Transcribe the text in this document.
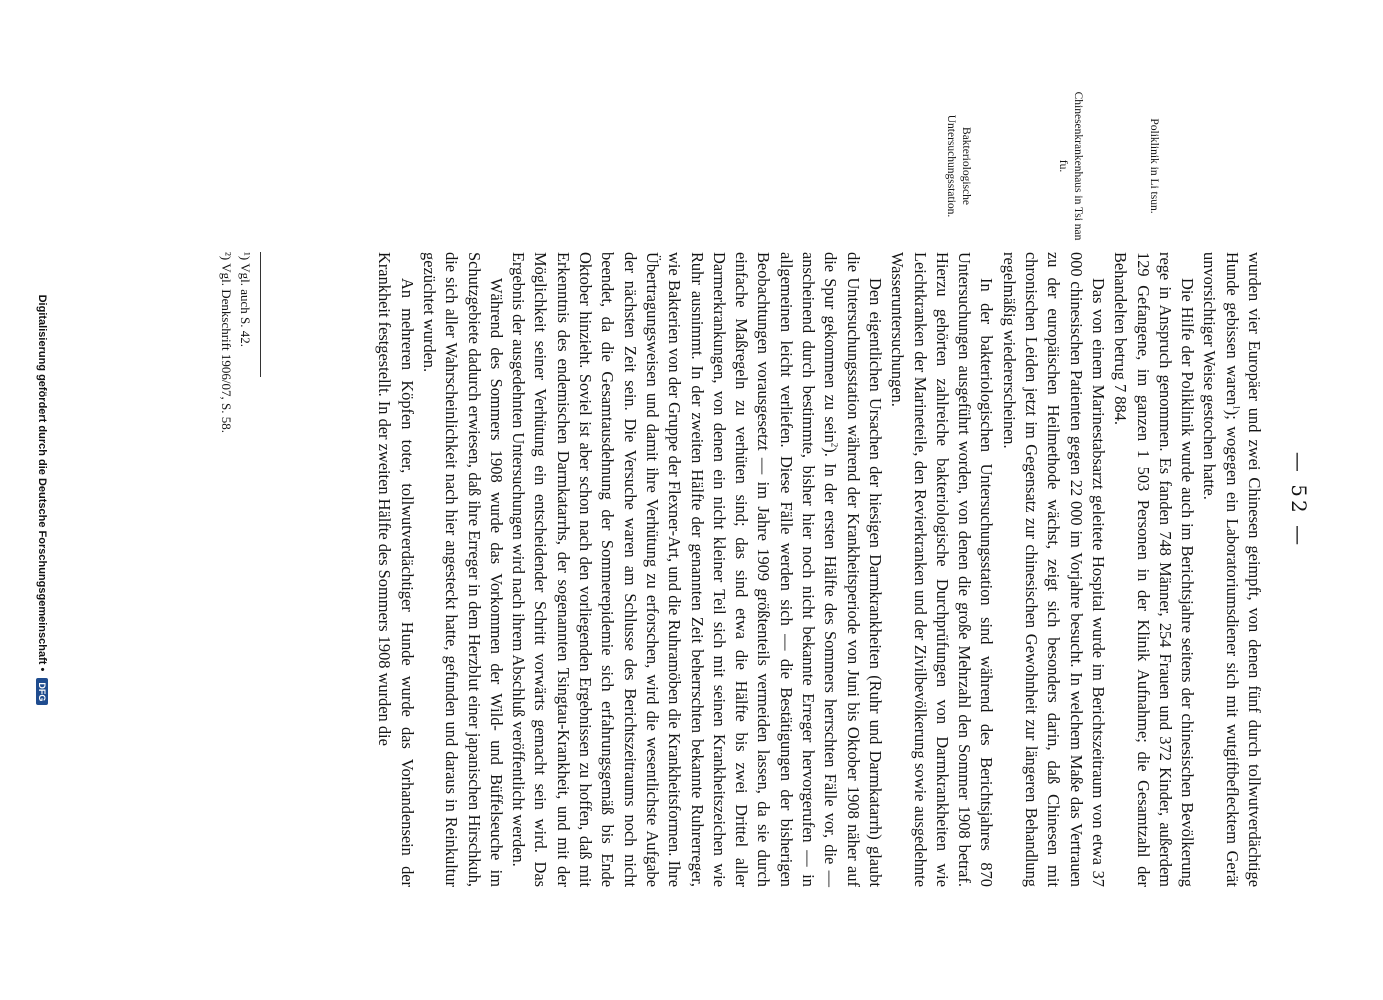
— 52 —
Poliklinik in Li tsun.
Chinesenkrankenhaus in Tsi nan fu.
Bakteriologische Untersuchungsstation.

wurden vier Europäer und zwei Chinesen geimpft, von denen fünf durch tollwutverdächtige Hunde gebissen waren$^1$); wogegen ein Laboratoriumsdiener sich mit wutgiftbeflecktem Gerät unvorsichtiger Weise gestochen hatte.

Die Hilfe der Poliklinik wurde auch im Berichtsjahre seitens der chinesischen Bevölkerung rege in Anspruch genommen. Es fanden 748 Männer, 254 Frauen und 372 Kinder, außerdem 129 Gefangene, im ganzen 1 503 Personen in der Klinik Aufnahme; die Gesamtzahl der Behandelten betrug 7 884.

Das von einem Marinestabsarzt geleitete Hospital wurde im Berichtszeitraum von etwa 37 000 chinesischen Patienten gegen 22 000 im Vorjahre besucht. In welchem Maße das Vertrauen zu der europäischen Heilmethode wächst, zeigt sich besonders darin, daß Chinesen mit chronischen Leiden jetzt im Gegensatz zur chinesischen Gewohnheit zur längeren Behandlung regelmäßig wiedererscheinen.

In der bakteriologischen Untersuchungsstation sind während des Berichtsjahres 870 Untersuchungen ausgeführt worden, von denen die große Mehrzahl den Sommer 1908 betraf. Hierzu gehörten zahlreiche bakteriologische Durchprüfungen von Darmkrankheiten wie Leichtkranken der Marineteile, den Revierkranken und der Zivilbevölkerung sowie ausgedehnte Wasseruntersuchungen.

Den eigentlichen Ursachen der hiesigen Darmkrankheiten (Ruhr und Darmkatarrh) glaubt die Untersuchungsstation während der Krankheitsperiode von Juni bis Oktober 1908 näher auf die Spur gekommen zu sein$^2$). In der ersten Hälfte des Sommers herrschten Fälle vor, die — anscheinend durch bestimmte, bisher hier noch nicht bekannte Erreger hervorgerufen — in allgemeinen leicht verliefen. Diese Fälle werden sich — die Bestätigungen der bisherigen Beobachtungen vorausgesetzt — im Jahre 1909 größtenteils vermeiden lassen, da sie durch einfache Maßregeln zu verhüten sind; das sind etwa die Hälfte bis zwei Drittel aller Darmerkrankungen, von denen ein nicht kleiner Teil sich mit seinen Krankheitszeichen wie Ruhr ausnimmt. In der zweiten Hälfte der genannten Zeit beherrschten bekannte Ruhrerreger, wie Bakterien von der Gruppe der Flexner-Art, und die Ruhramöben die Krankheitsformen. Ihre Übertragungsweisen und damit ihre Verhütung zu erforschen, wird die wesentlichste Aufgabe der nächsten Zeit sein. Die Versuche waren am Schlusse des Berichtszeitraums noch nicht beendet, da die Gesamtausdehnung der Sommerepidemie sich erfahrungsgemäß bis Ende Oktober hinzieht. Soviel ist aber schon nach den vorliegenden Ergebnissen zu hoffen, daß mit Erkenntnis des endemischen Darmkatarrhs, der sogenannten Tsingtau-Krankheit, und mit der Möglichkeit seiner Verhütung ein entscheidender Schritt vorwärts gemacht sein wird. Das Ergebnis der ausgedehnten Untersuchungen wird nach ihrem Abschluß veröffentlicht werden.

Während des Sommers 1908 wurde das Vorkommen der Wild- und Büffelseuche im Schutzgebiete dadurch erwiesen, daß ihre Erreger in dem Herzblut einer japanischen Hirschkuh, die sich aller Wahrscheinlichkeit nach hier angesteckt hatte, gefunden und daraus in Reinkultur gezüchtet wurden.

An mehreren Köpfen toter, tollwutverdächtiger Hunde wurde das Vorhandensein der Krankheit festgestellt. In der zweiten Hälfte des Sommers 1908 wurden die

¹) Vgl. auch S. 42.
²) Vgl. Denkschrift 1906/07, S. 58.
Digitalisierung gefördert durch die Deutsche Forschungsgemeinschaft • DFG
